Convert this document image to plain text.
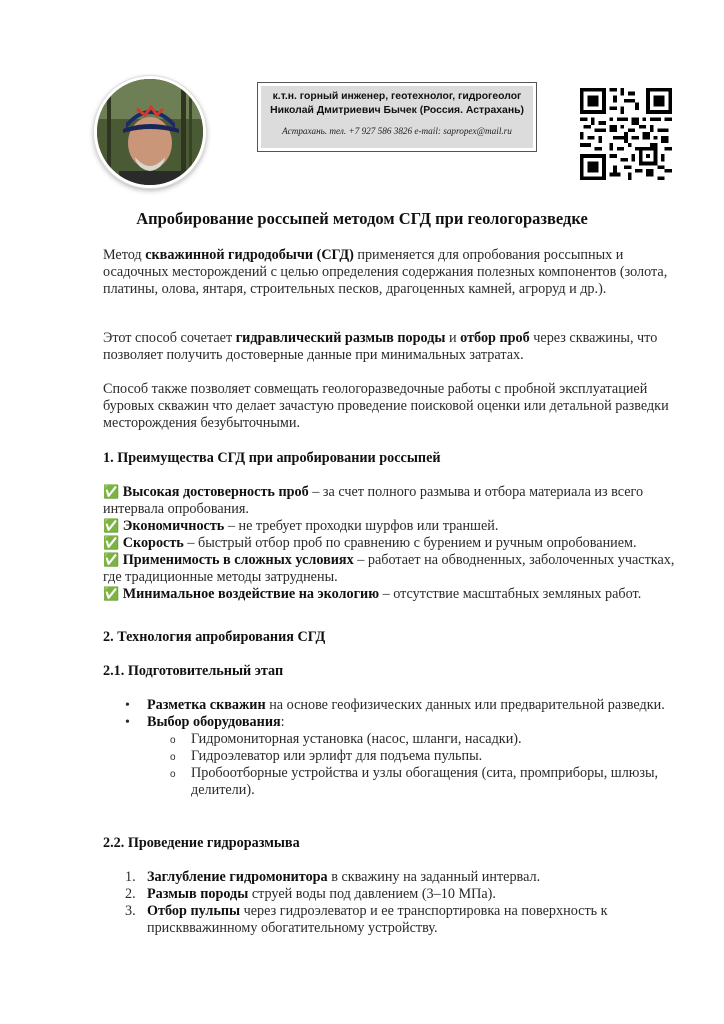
к.т.н. горный инженер, геотехнолог, гидрогеолог
Николай Дмитриевич Бычек (Россия. Астрахань)
Астрахань. тел. +7 927 586 3826 e-mail: sapropex@mail.ru
Апробирование россыпей методом СГД при геологоразведке
Метод скважинной гидродобычи (СГД) применяется для опробования россыпных и осадочных месторождений с целью определения содержания полезных компонентов (золота, платины, олова, янтаря, строительных песков, драгоценных камней, агроруд и др.).
Этот способ сочетает гидравлический размыв породы и отбор проб через скважины, что позволяет получить достоверные данные при минимальных затратах.
Способ также позволяет совмещать геологоразведочные работы с пробной эксплуатацией буровых скважин что делает зачастую проведение поисковой оценки или детальной разведки месторождения безубыточными.
1. Преимущества СГД при апробировании россыпей
✅ Высокая достоверность проб – за счет полного размыва и отбора материала из всего интервала опробования.
✅ Экономичность – не требует проходки шурфов или траншей.
✅ Скорость – быстрый отбор проб по сравнению с бурением и ручным опробованием.
✅ Применимость в сложных условиях – работает на обводненных, заболоченных участках, где традиционные методы затруднены.
✅ Минимальное воздействие на экологию – отсутствие масштабных земляных работ.
2. Технология апробирования СГД
2.1. Подготовительный этап
• Разметка скважин на основе геофизических данных или предварительной разведки.
• Выбор оборудования:
o Гидромониторная установка (насос, шланги, насадки).
o Гидроэлеватор или эрлифт для подъема пульпы.
o Пробоотборные устройства и узлы обогащения (сита, промприборы, шлюзы, делители).
2.2. Проведение гидроразмыва
1. Заглубление гидромонитора в скважину на заданный интервал.
2. Размыв породы струей воды под давлением (3–10 МПа).
3. Отбор пульпы через гидроэлеватор и ее транспортировка на поверхность к присквважинному обогатительному устройству.
